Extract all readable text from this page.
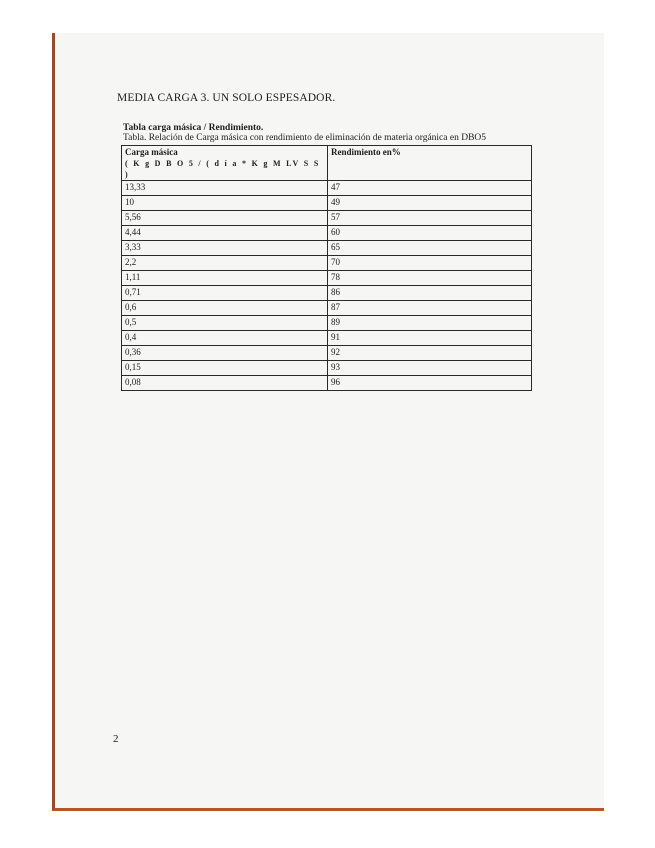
MEDIA CARGA 3. UN SOLO ESPESADOR.
Tabla carga másica / Rendimiento.
Tabla. Relación de Carga másica con rendimiento de eliminación de materia orgánica en DBO5
Carga másica
( K g D B O 5 / ( d í a * K g M LV S S )	Rendimiento en%
13,33	47
10	49
5,56	57
4,44	60
3,33	65
2,2	70
1,11	78
0,71	86
0,6	87
0,5	89
0,4	91
0,36	92
0,15	93
0,08	96
2
